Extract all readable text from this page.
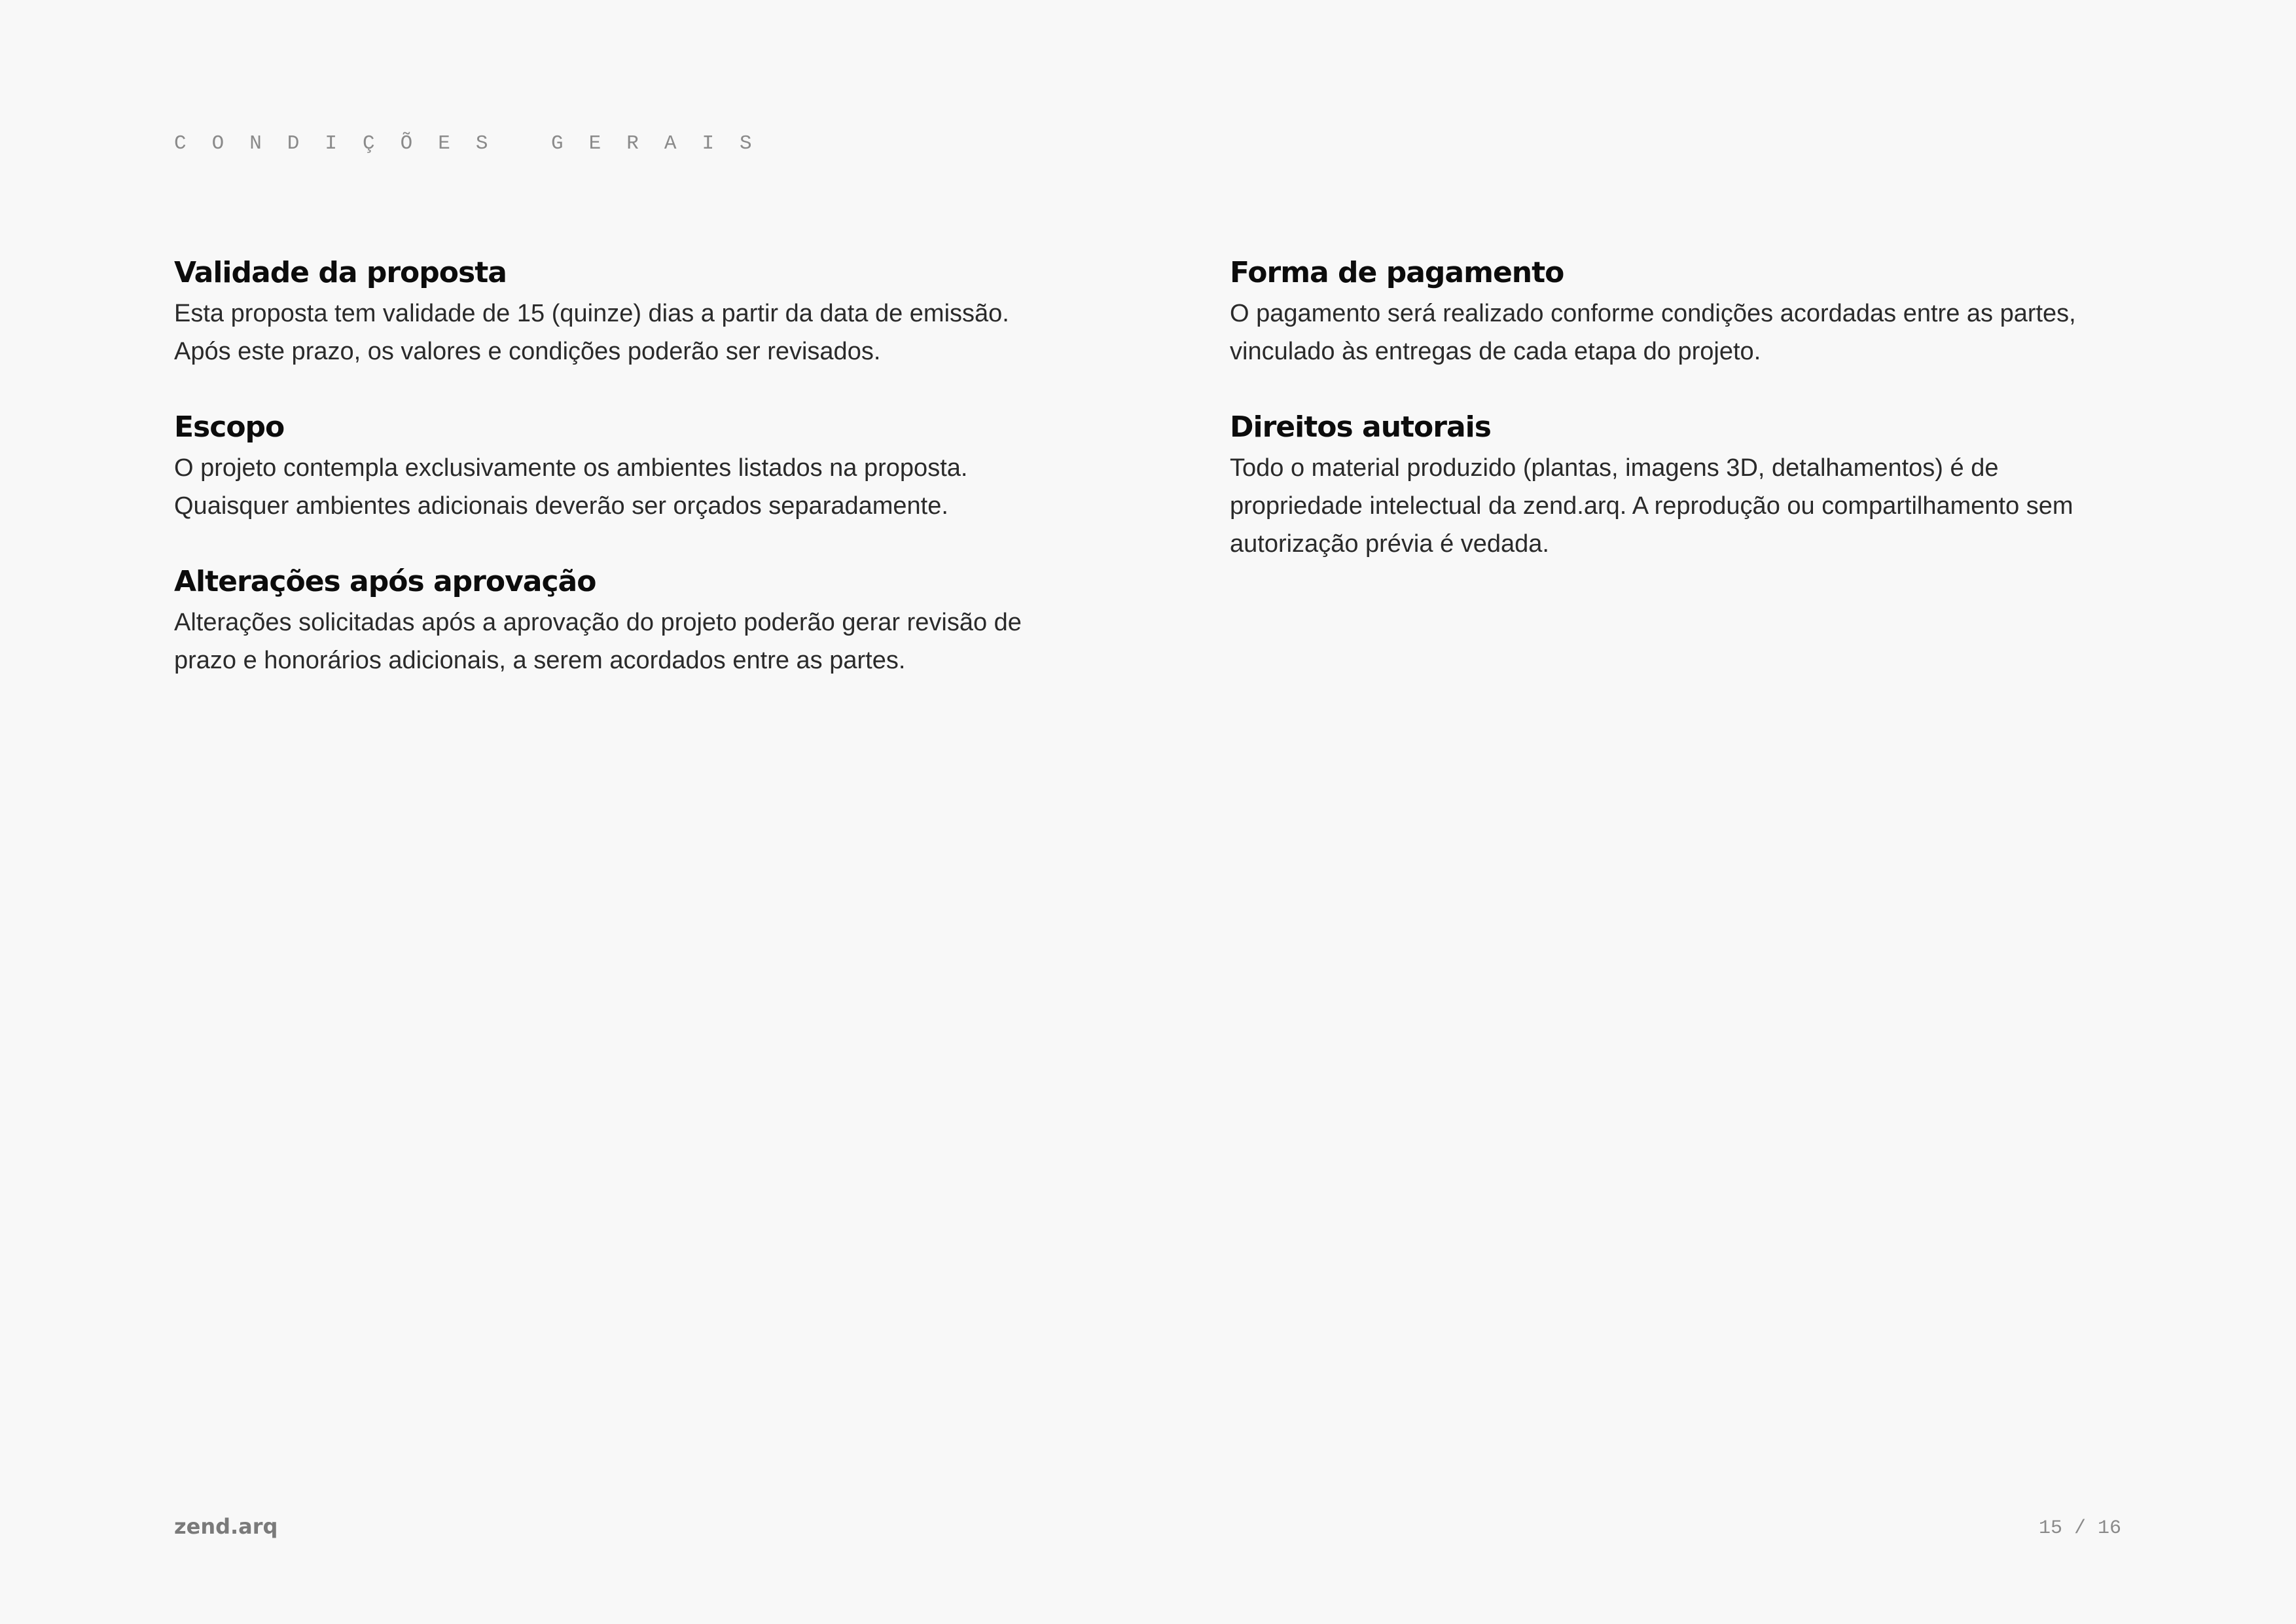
CONDIÇÕES GERAIS
Validade da proposta

Esta proposta tem validade de 15 (quinze) dias a partir da data de emissão. Após este prazo, os valores e condições poderão ser revisados.

Escopo

O projeto contempla exclusivamente os ambientes listados na proposta. Quaisquer ambientes adicionais deverão ser orçados separadamente.

Alterações após aprovação

Alterações solicitadas após a aprovação do projeto poderão gerar revisão de prazo e honorários adicionais, a serem acordados entre as partes.

Forma de pagamento

O pagamento será realizado conforme condições acordadas entre as partes, vinculado às entregas de cada etapa do projeto.

Direitos autorais

Todo o material produzido (plantas, imagens 3D, detalhamentos) é de propriedade intelectual da zend.arq. A reprodução ou compartilhamento sem autorização prévia é vedada.

zend.arq	15 / 16
